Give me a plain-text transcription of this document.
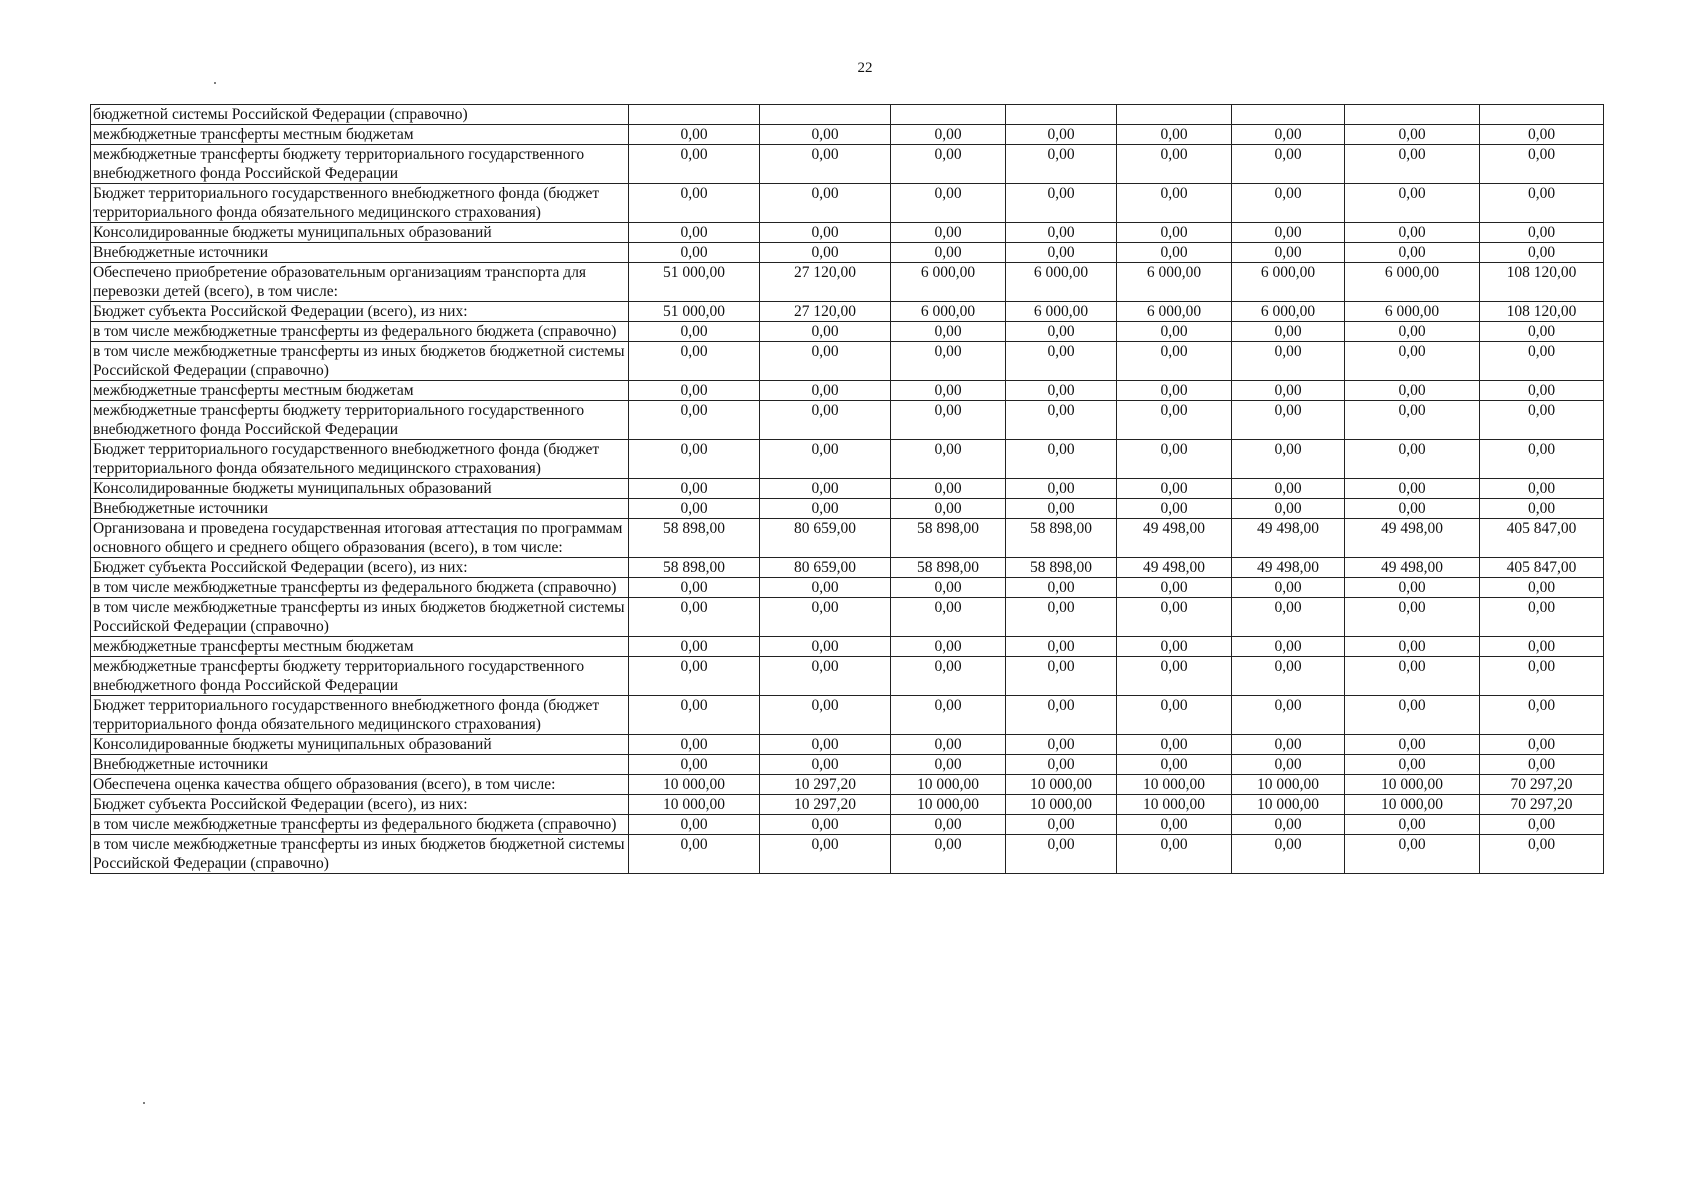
22
бюджетной системы Российской Федерации (справочно)								
межбюджетные трансферты местным бюджетам	0,00	0,00	0,00	0,00	0,00	0,00	0,00	0,00
межбюджетные трансферты бюджету территориального государственного внебюджетного фонда Российской Федерации	0,00	0,00	0,00	0,00	0,00	0,00	0,00	0,00
Бюджет территориального государственного внебюджетного фонда (бюджет территориального фонда обязательного медицинского страхования)	0,00	0,00	0,00	0,00	0,00	0,00	0,00	0,00
Консолидированные бюджеты муниципальных образований	0,00	0,00	0,00	0,00	0,00	0,00	0,00	0,00
Внебюджетные источники	0,00	0,00	0,00	0,00	0,00	0,00	0,00	0,00
Обеспечено приобретение образовательным организациям транспорта для перевозки детей (всего), в том числе:	51 000,00	27 120,00	6 000,00	6 000,00	6 000,00	6 000,00	6 000,00	108 120,00
Бюджет субъекта Российской Федерации (всего), из них:	51 000,00	27 120,00	6 000,00	6 000,00	6 000,00	6 000,00	6 000,00	108 120,00
в том числе межбюджетные трансферты из федерального бюджета (справочно)	0,00	0,00	0,00	0,00	0,00	0,00	0,00	0,00
в том числе межбюджетные трансферты из иных бюджетов бюджетной системы Российской Федерации (справочно)	0,00	0,00	0,00	0,00	0,00	0,00	0,00	0,00
межбюджетные трансферты местным бюджетам	0,00	0,00	0,00	0,00	0,00	0,00	0,00	0,00
межбюджетные трансферты бюджету территориального государственного внебюджетного фонда Российской Федерации	0,00	0,00	0,00	0,00	0,00	0,00	0,00	0,00
Бюджет территориального государственного внебюджетного фонда (бюджет территориального фонда обязательного медицинского страхования)	0,00	0,00	0,00	0,00	0,00	0,00	0,00	0,00
Консолидированные бюджеты муниципальных образований	0,00	0,00	0,00	0,00	0,00	0,00	0,00	0,00
Внебюджетные источники	0,00	0,00	0,00	0,00	0,00	0,00	0,00	0,00
Организована и проведена государственная итоговая аттестация по программам основного общего и среднего общего образования (всего), в том числе:	58 898,00	80 659,00	58 898,00	58 898,00	49 498,00	49 498,00	49 498,00	405 847,00
Бюджет субъекта Российской Федерации (всего), из них:	58 898,00	80 659,00	58 898,00	58 898,00	49 498,00	49 498,00	49 498,00	405 847,00
в том числе межбюджетные трансферты из федерального бюджета (справочно)	0,00	0,00	0,00	0,00	0,00	0,00	0,00	0,00
в том числе межбюджетные трансферты из иных бюджетов бюджетной системы Российской Федерации (справочно)	0,00	0,00	0,00	0,00	0,00	0,00	0,00	0,00
межбюджетные трансферты местным бюджетам	0,00	0,00	0,00	0,00	0,00	0,00	0,00	0,00
межбюджетные трансферты бюджету территориального государственного внебюджетного фонда Российской Федерации	0,00	0,00	0,00	0,00	0,00	0,00	0,00	0,00
Бюджет территориального государственного внебюджетного фонда (бюджет территориального фонда обязательного медицинского страхования)	0,00	0,00	0,00	0,00	0,00	0,00	0,00	0,00
Консолидированные бюджеты муниципальных образований	0,00	0,00	0,00	0,00	0,00	0,00	0,00	0,00
Внебюджетные источники	0,00	0,00	0,00	0,00	0,00	0,00	0,00	0,00
Обеспечена оценка качества общего образования (всего), в том числе:	10 000,00	10 297,20	10 000,00	10 000,00	10 000,00	10 000,00	10 000,00	70 297,20
Бюджет субъекта Российской Федерации (всего), из них:	10 000,00	10 297,20	10 000,00	10 000,00	10 000,00	10 000,00	10 000,00	70 297,20
в том числе межбюджетные трансферты из федерального бюджета (справочно)	0,00	0,00	0,00	0,00	0,00	0,00	0,00	0,00
в том числе межбюджетные трансферты из иных бюджетов бюджетной системы Российской Федерации (справочно)	0,00	0,00	0,00	0,00	0,00	0,00	0,00	0,00
